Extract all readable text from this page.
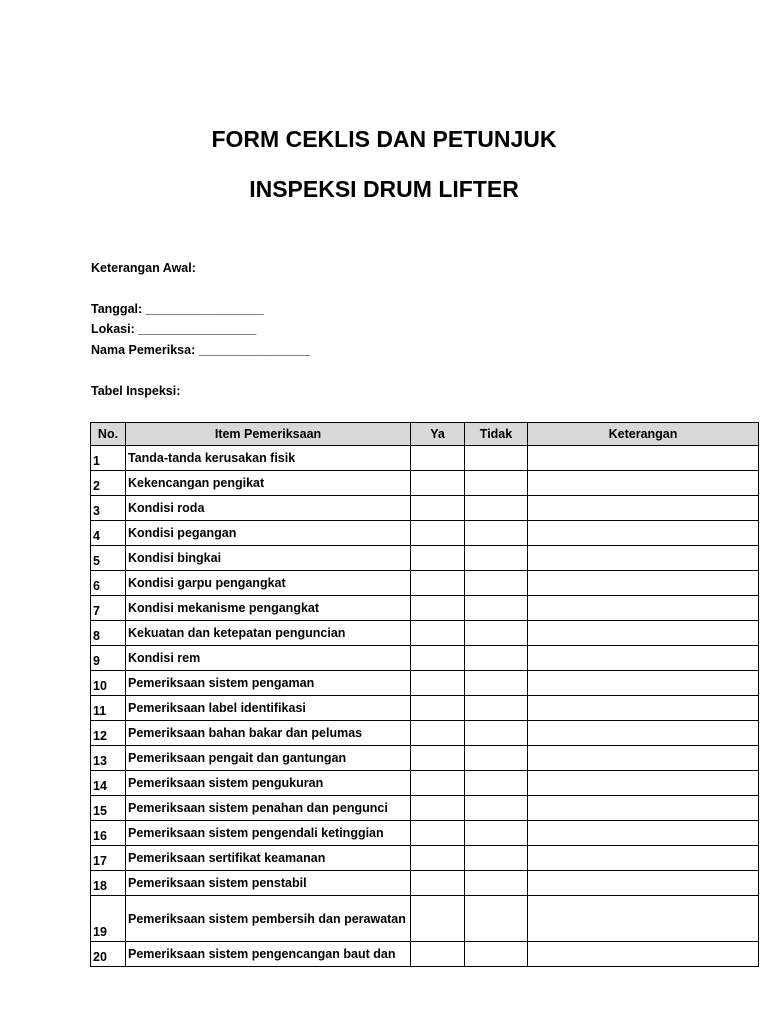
FORM CEKLIS DAN PETUNJUK
INSPEKSI DRUM LIFTER
Keterangan Awal:
Tanggal: _________________
Lokasi: _________________
Nama Pemeriksa: ________________
Tabel Inspeksi:
No.	Item Pemeriksaan	Ya	Tidak	Keterangan
1	Tanda-tanda kerusakan fisik			
2	Kekencangan pengikat			
3	Kondisi roda			
4	Kondisi pegangan			
5	Kondisi bingkai			
6	Kondisi garpu pengangkat			
7	Kondisi mekanisme pengangkat			
8	Kekuatan dan ketepatan penguncian			
9	Kondisi rem			
10	Pemeriksaan sistem pengaman			
11	Pemeriksaan label identifikasi			
12	Pemeriksaan bahan bakar dan pelumas			
13	Pemeriksaan pengait dan gantungan			
14	Pemeriksaan sistem pengukuran			
15	Pemeriksaan sistem penahan dan pengunci			
16	Pemeriksaan sistem pengendali ketinggian			
17	Pemeriksaan sertifikat keamanan			
18	Pemeriksaan sistem penstabil			
19	Pemeriksaan sistem pembersih dan perawatan			
20	Pemeriksaan sistem pengencangan baut dan			
